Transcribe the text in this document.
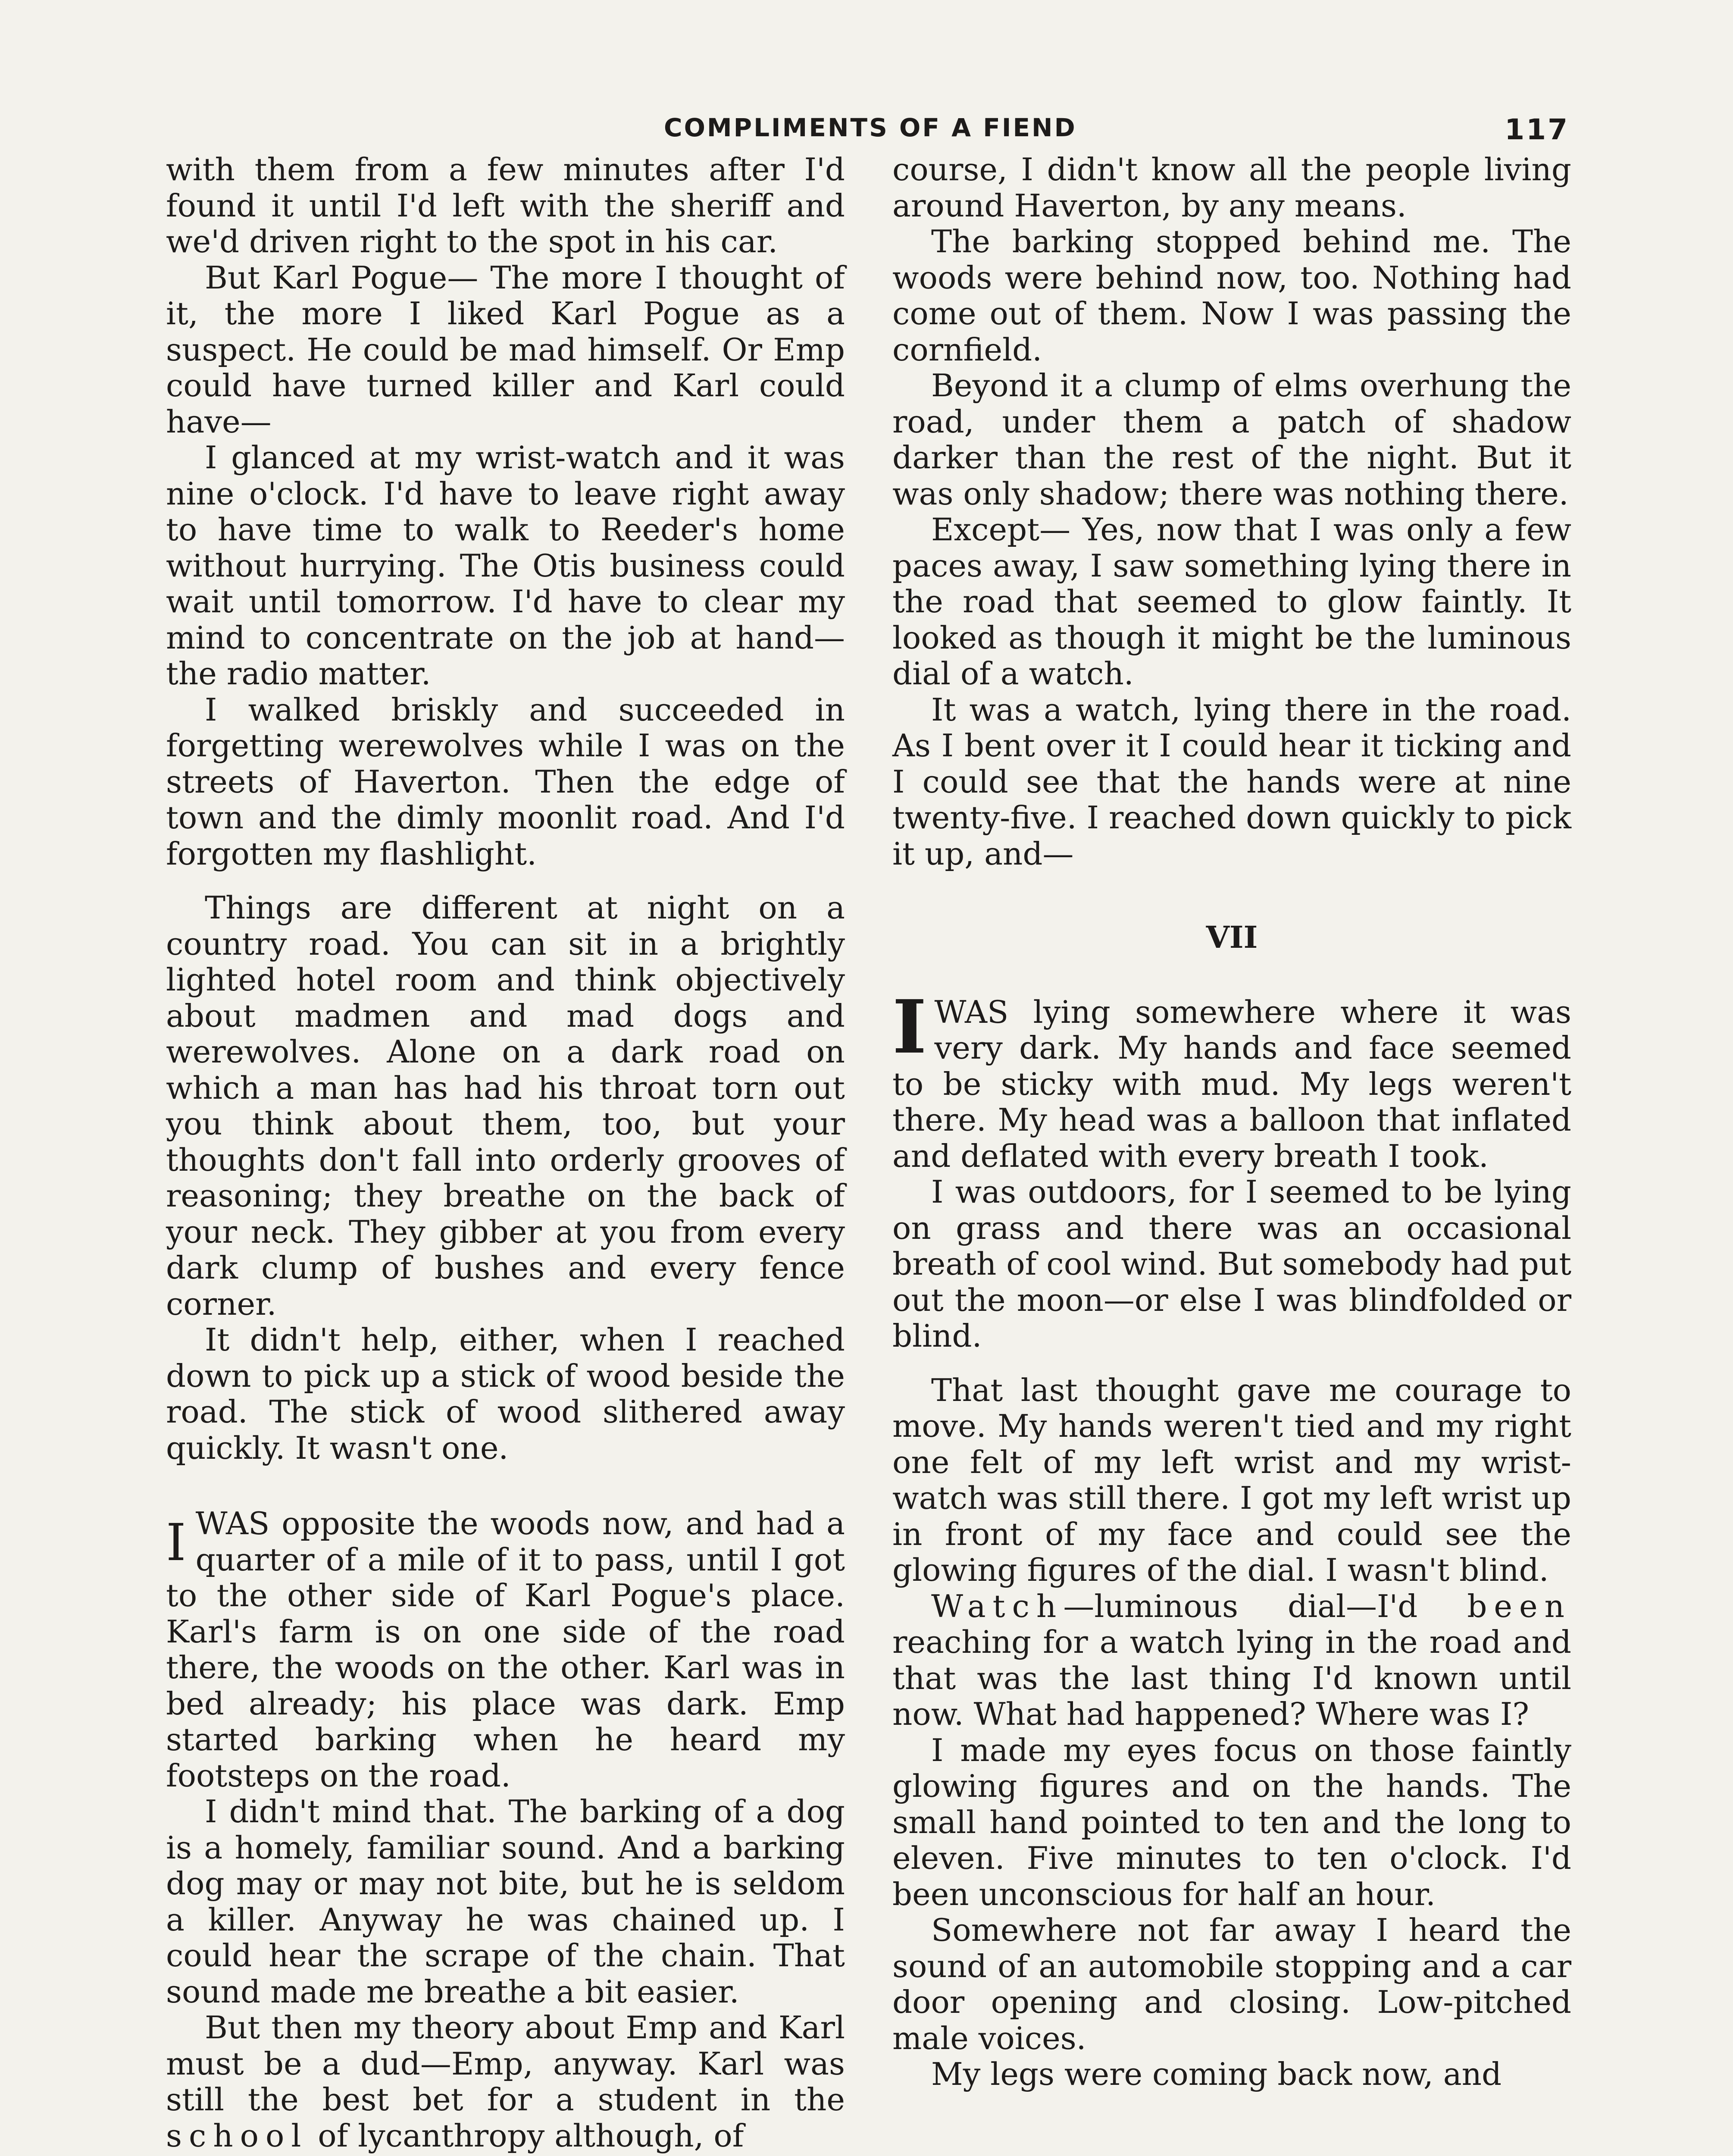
COMPLIMENTS OF A FIEND	117

with them from a few minutes after I'd found it until I'd left with the sheriff and we'd driven right to the spot in his car.

But Karl Pogue— The more I thought of it, the more I liked Karl Pogue as a suspect. He could be mad himself. Or Emp could have turned killer and Karl could have—

I glanced at my wrist-watch and it was nine o'clock. I'd have to leave right away to have time to walk to Reeder's home without hurrying. The Otis business could wait until tomorrow. I'd have to clear my mind to concentrate on the job at hand—the radio matter.

I walked briskly and succeeded in forgetting werewolves while I was on the streets of Haverton. Then the edge of town and the dimly moonlit road. And I'd forgotten my flashlight.

Things are different at night on a country road. You can sit in a brightly lighted hotel room and think objectively about madmen and mad dogs and werewolves. Alone on a dark road on which a man has had his throat torn out you think about them, too, but your thoughts don't fall into orderly grooves of reasoning; they breathe on the back of your neck. They gibber at you from every dark clump of bushes and every fence corner.

It didn't help, either, when I reached down to pick up a stick of wood beside the road. The stick of wood slithered away quickly. It wasn't one.

I WAS opposite the woods now, and had a quarter of a mile of it to pass, until I got to the other side of Karl Pogue's place. Karl's farm is on one side of the road there, the woods on the other. Karl was in bed already; his place was dark. Emp started barking when he heard my footsteps on the road.

I didn't mind that. The barking of a dog is a homely, familiar sound. And a barking dog may or may not bite, but he is seldom a killer. Anyway he was chained up. I could hear the scrape of the chain. That sound made me breathe a bit easier.

But then my theory about Emp and Karl must be a dud—Emp, anyway. Karl was still the best bet for a student in the school of lycanthropy although, of

course, I didn't know all the people living around Haverton, by any means.

The barking stopped behind me. The woods were behind now, too. Nothing had come out of them. Now I was passing the cornfield.

Beyond it a clump of elms overhung the road, under them a patch of shadow darker than the rest of the night. But it was only shadow; there was nothing there.

Except— Yes, now that I was only a few paces away, I saw something lying there in the road that seemed to glow faintly. It looked as though it might be the luminous dial of a watch.

It was a watch, lying there in the road. As I bent over it I could hear it ticking and I could see that the hands were at nine twenty-five. I reached down quickly to pick it up, and—

VII

I WAS lying somewhere where it was very dark. My hands and face seemed to be sticky with mud. My legs weren't there. My head was a balloon that inflated and deflated with every breath I took.

I was outdoors, for I seemed to be lying on grass and there was an occasional breath of cool wind. But somebody had put out the moon—or else I was blindfolded or blind.

That last thought gave me courage to move. My hands weren't tied and my right one felt of my left wrist and my wrist-watch was still there. I got my left wrist up in front of my face and could see the glowing figures of the dial. I wasn't blind.

Watch—luminous dial—I'd been reaching for a watch lying in the road and that was the last thing I'd known until now. What had happened? Where was I?

I made my eyes focus on those faintly glowing figures and on the hands. The small hand pointed to ten and the long to eleven. Five minutes to ten o'clock. I'd been unconscious for half an hour.

Somewhere not far away I heard the sound of an automobile stopping and a car door opening and closing. Low-pitched male voices.

My legs were coming back now, and
